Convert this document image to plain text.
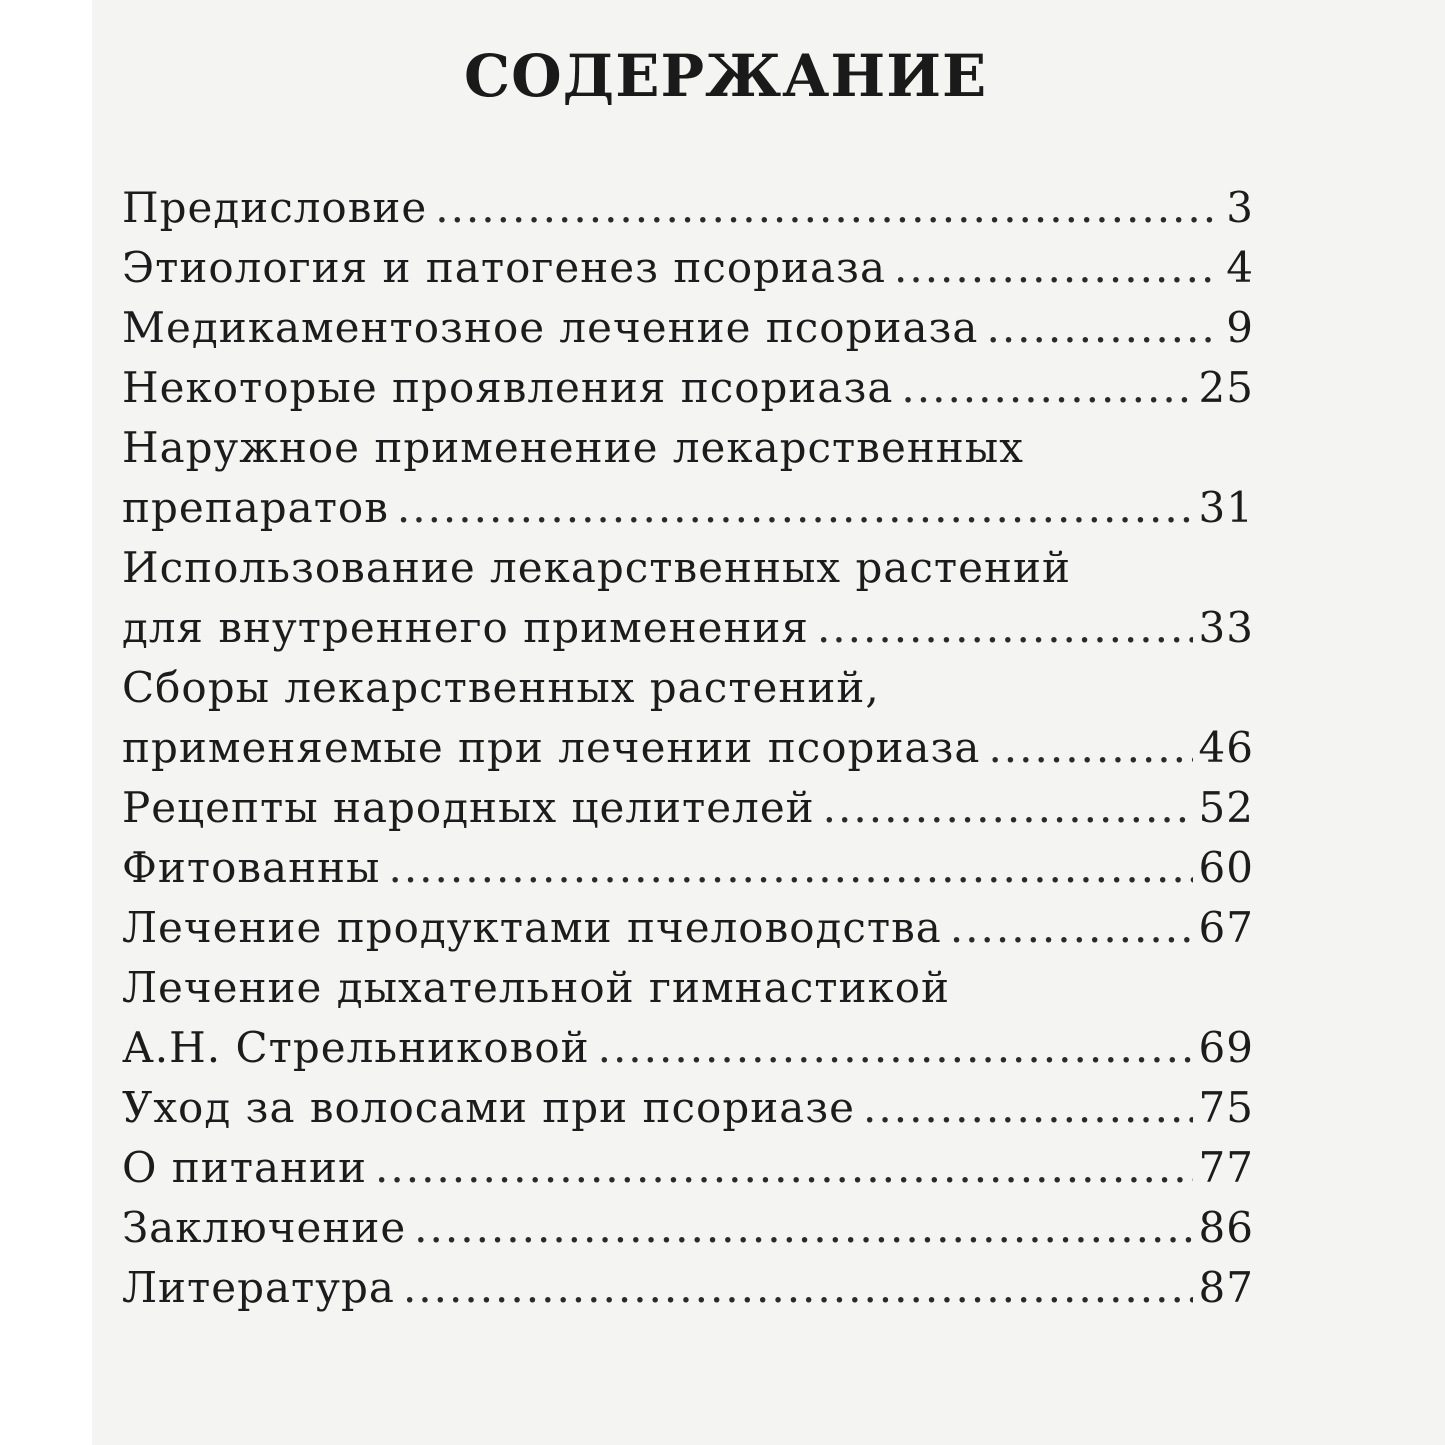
СОДЕРЖАНИЕ
Предисловие .....	3
Этиология и патогенез псориаза .....	4
Медикаментозное лечение псориаза .....	9
Некоторые проявления псориаза .....	25
Наружное применение лекарственных
препаратов .....	31
Использование лекарственных растений
для внутреннего применения .....	33
Сборы лекарственных растений,
применяемые при лечении псориаза .....	46
Рецепты народных целителей .....	52
Фитованны .....	60
Лечение продуктами пчеловодства .....	67
Лечение дыхательной гимнастикой
А.Н. Стрельниковой .....	69
Уход за волосами при псориазе .....	75
О питании .....	77
Заключение .....	86
Литература .....	87
